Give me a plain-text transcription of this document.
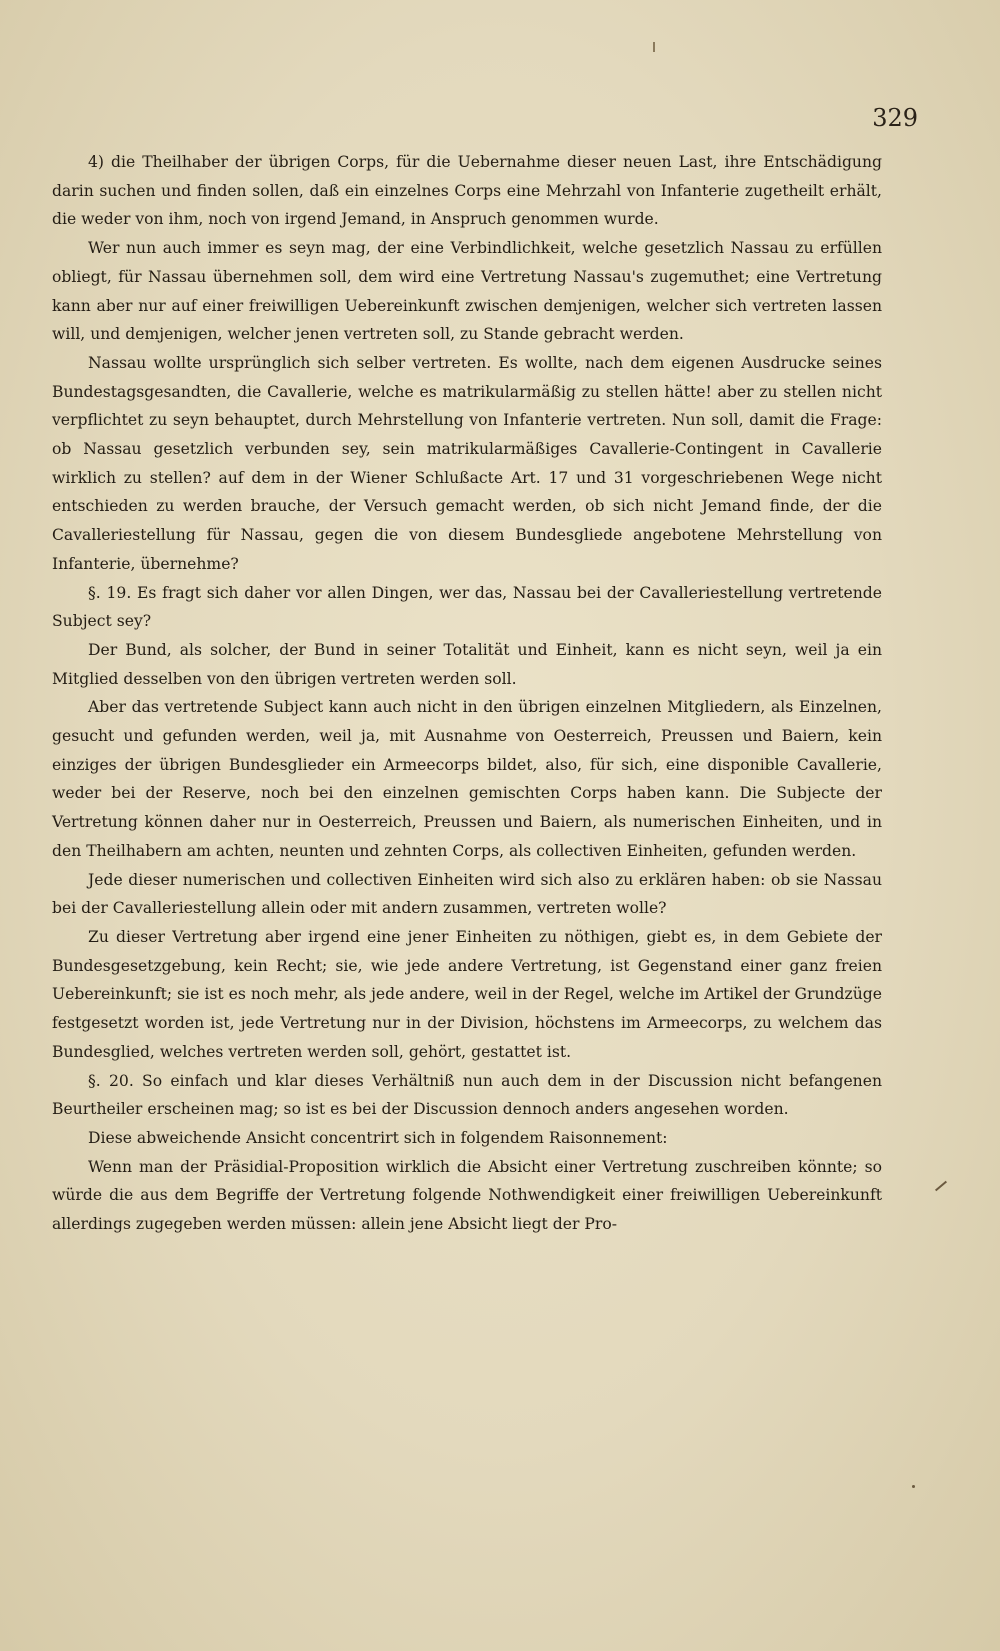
329

4) die Theilhaber der übrigen Corps, für die Uebernahme dieser neuen Last, ihre Entschädigung darin suchen und finden sollen, daß ein einzelnes Corps eine Mehrzahl von Infanterie zugetheilt erhält, die weder von ihm, noch von irgend Jemand, in Anspruch genommen wurde.

Wer nun auch immer es seyn mag, der eine Verbindlichkeit, welche gesetzlich Nassau zu erfüllen obliegt, für Nassau übernehmen soll, dem wird eine Vertretung Nassau's zugemuthet; eine Vertretung kann aber nur auf einer freiwilligen Uebereinkunft zwischen demjenigen, welcher sich vertreten lassen will, und demjenigen, welcher jenen vertreten soll, zu Stande gebracht werden.

Nassau wollte ursprünglich sich selber vertreten. Es wollte, nach dem eigenen Ausdrucke seines Bundestagsgesandten, die Cavallerie, welche es matrikularmäßig zu stellen hätte! aber zu stellen nicht verpflichtet zu seyn behauptet, durch Mehrstellung von Infanterie vertreten. Nun soll, damit die Frage: ob Nassau gesetzlich verbunden sey, sein matrikularmäßiges Cavallerie-Contingent in Cavallerie wirklich zu stellen? auf dem in der Wiener Schlußacte Art. 17 und 31 vorgeschriebenen Wege nicht entschieden zu werden brauche, der Versuch gemacht werden, ob sich nicht Jemand finde, der die Cavalleriestellung für Nassau, gegen die von diesem Bundesgliede angebotene Mehrstellung von Infanterie, übernehme?

§. 19. Es fragt sich daher vor allen Dingen, wer das, Nassau bei der Cavalleriestellung vertretende Subject sey?

Der Bund, als solcher, der Bund in seiner Totalität und Einheit, kann es nicht seyn, weil ja ein Mitglied desselben von den übrigen vertreten werden soll.

Aber das vertretende Subject kann auch nicht in den übrigen einzelnen Mitgliedern, als Einzelnen, gesucht und gefunden werden, weil ja, mit Ausnahme von Oesterreich, Preussen und Baiern, kein einziges der übrigen Bundesglieder ein Armeecorps bildet, also, für sich, eine disponible Cavallerie, weder bei der Reserve, noch bei den einzelnen gemischten Corps haben kann. Die Subjecte der Vertretung können daher nur in Oesterreich, Preussen und Baiern, als numerischen Einheiten, und in den Theilhabern am achten, neunten und zehnten Corps, als collectiven Einheiten, gefunden werden.

Jede dieser numerischen und collectiven Einheiten wird sich also zu erklären haben: ob sie Nassau bei der Cavalleriestellung allein oder mit andern zusammen, vertreten wolle?

Zu dieser Vertretung aber irgend eine jener Einheiten zu nöthigen, giebt es, in dem Gebiete der Bundesgesetzgebung, kein Recht; sie, wie jede andere Vertretung, ist Gegenstand einer ganz freien Uebereinkunft; sie ist es noch mehr, als jede andere, weil in der Regel, welche im Artikel der Grundzüge festgesetzt worden ist, jede Vertretung nur in der Division, höchstens im Armeecorps, zu welchem das Bundesglied, welches vertreten werden soll, gehört, gestattet ist.

§. 20. So einfach und klar dieses Verhältniß nun auch dem in der Discussion nicht befangenen Beurtheiler erscheinen mag; so ist es bei der Discussion dennoch anders angesehen worden.

Diese abweichende Ansicht concentrirt sich in folgendem Raisonnement:

Wenn man der Präsidial-Proposition wirklich die Absicht einer Vertretung zuschreiben könnte; so würde die aus dem Begriffe der Vertretung folgende Nothwendigkeit einer freiwilligen Uebereinkunft allerdings zugegeben werden müssen: allein jene Absicht liegt der Pro-
